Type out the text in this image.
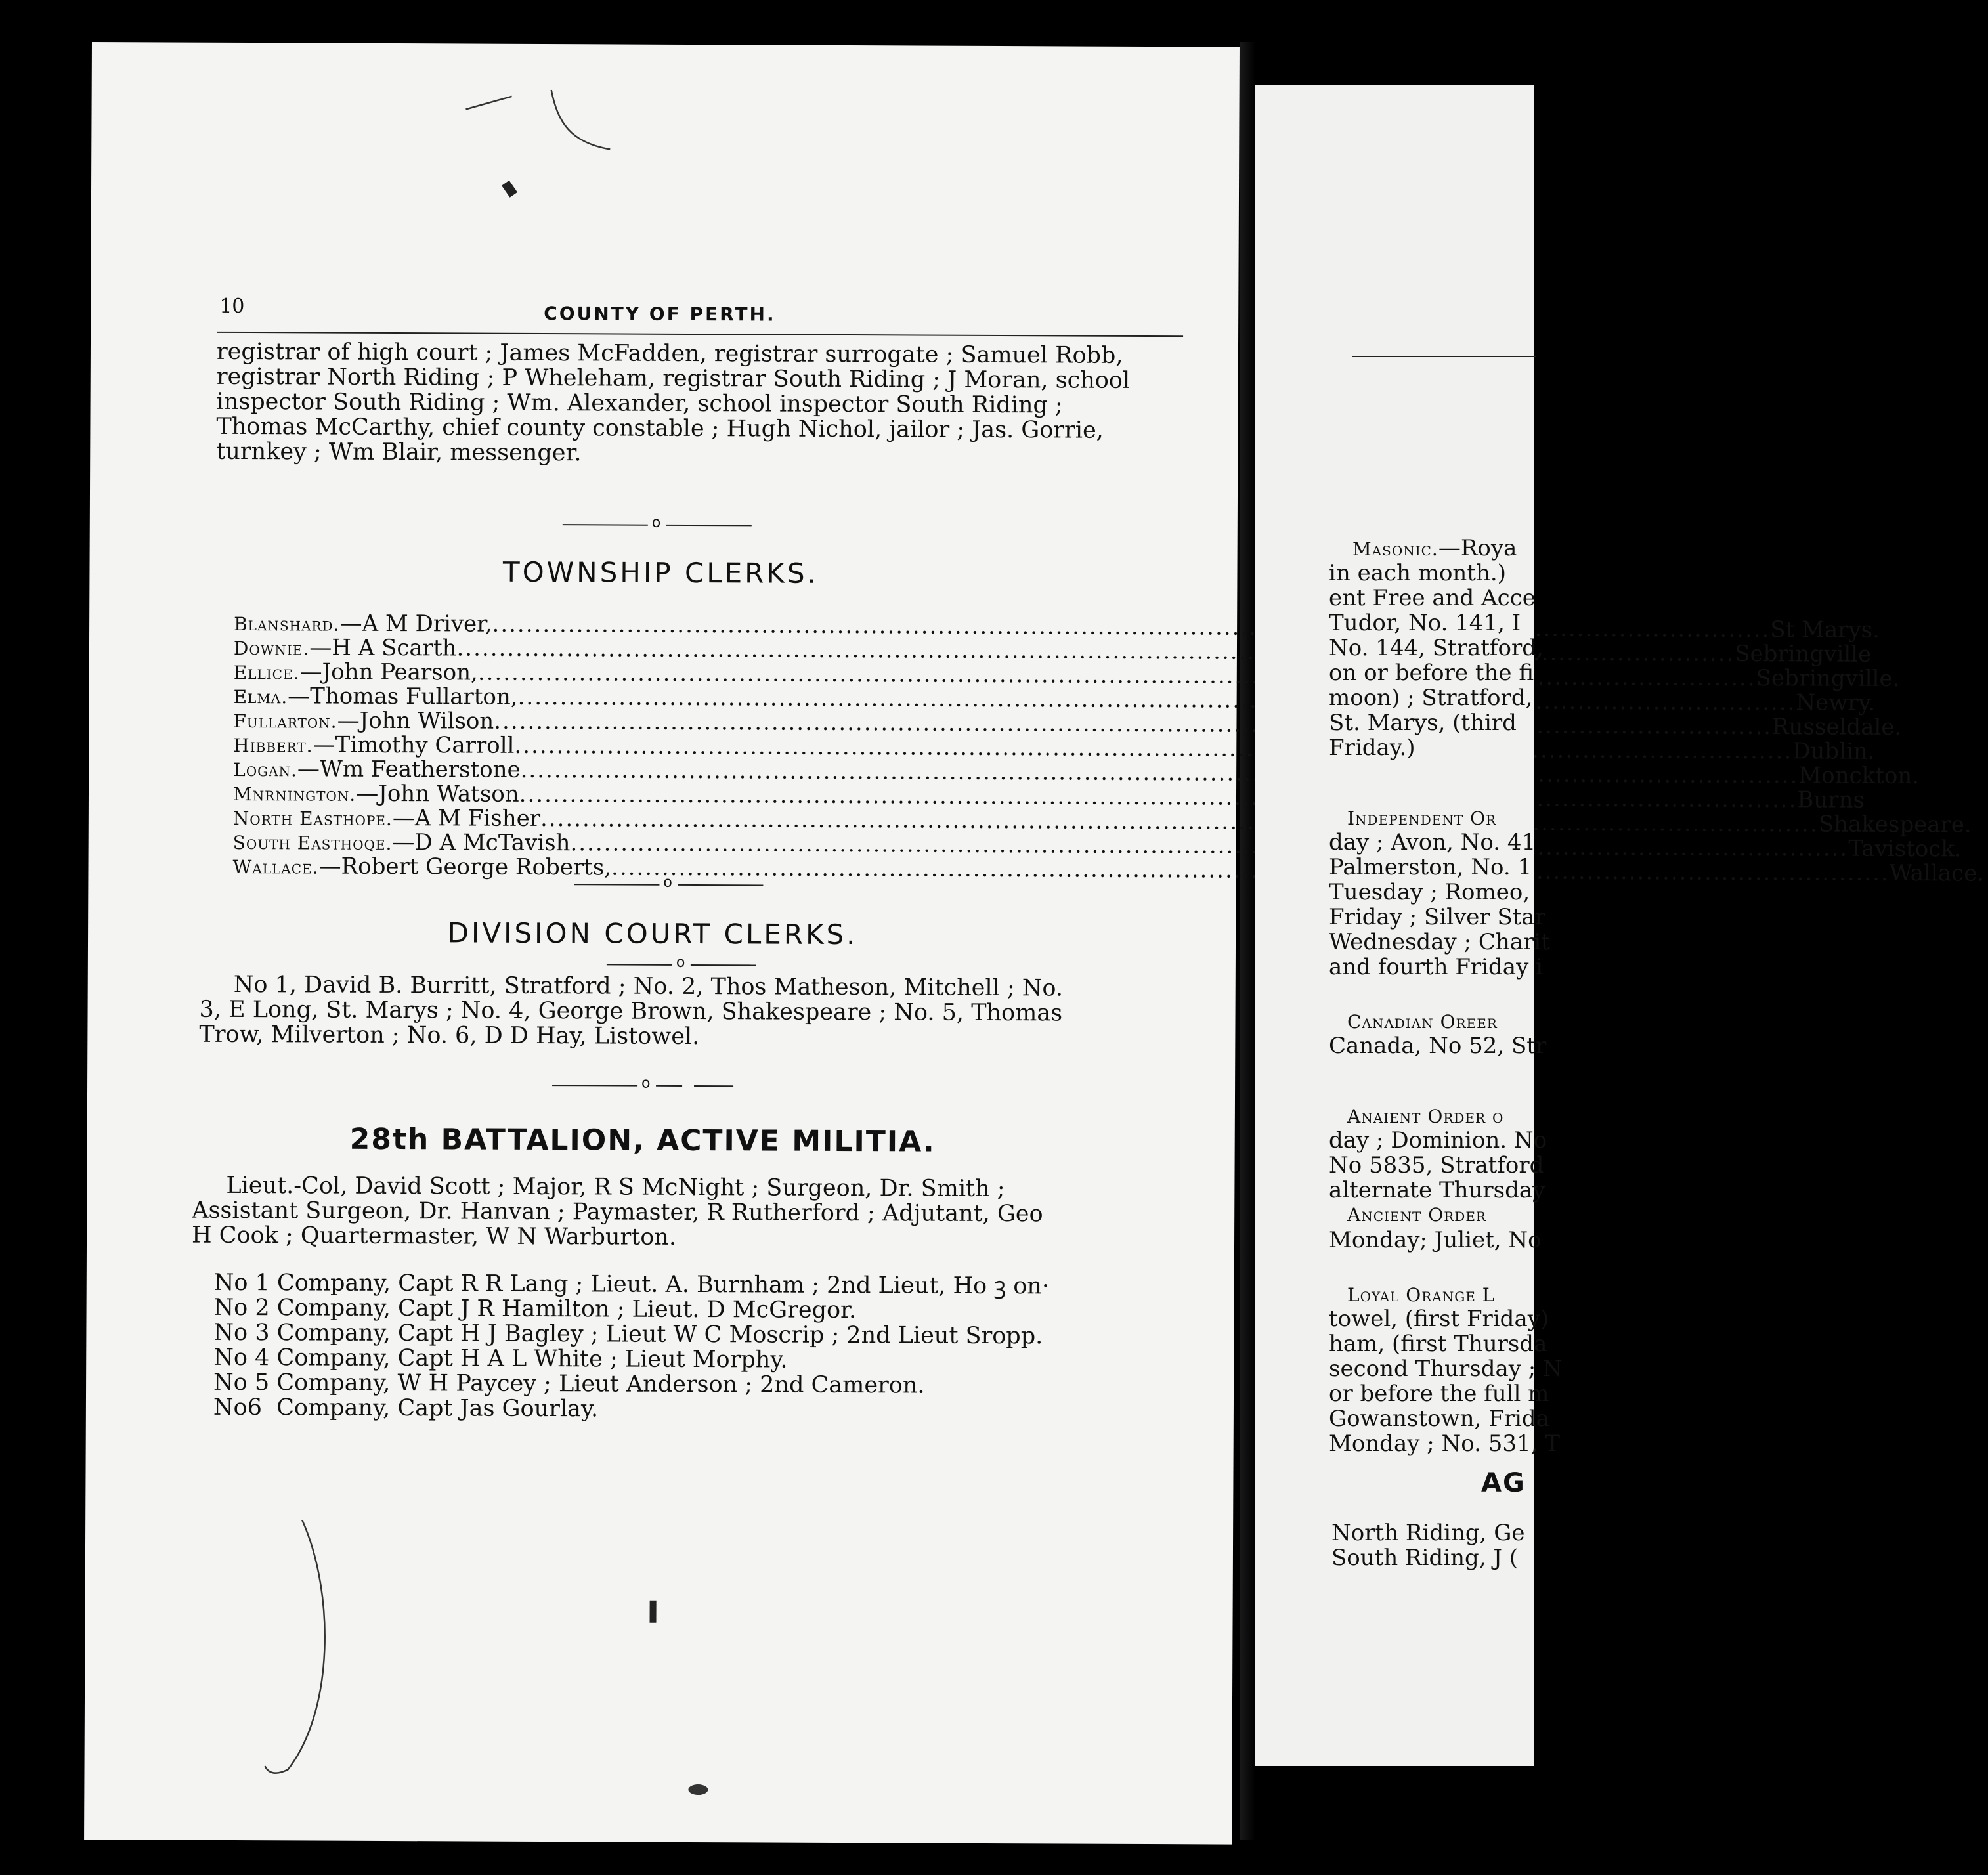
10	COUNTY OF PERTH.
registrar of high court ; James McFadden, registrar surrogate ; Samuel Robb,
registrar North Riding ; P Wheleham, registrar South Riding ; J Moran, school
inspector South Riding ; Wm. Alexander, school inspector South Riding ;
Thomas McCarthy, chief county constable ; Hugh Nichol, jailor ; Jas. Gorrie,
turnkey ; Wm Blair, messenger.
o
TOWNSHIP CLERKS.
Blanshard.—A M Driver, .....	St Marys.
Downie.—H A Scarth .....	Sebringville
Ellice.—John Pearson, .....	Sebringville.
Elma.—Thomas Fullarton, .....	Newry.
Fullarton.—John Wilson .....	Russeldale.
Hibbert.—Timothy Carroll .....	Dublin.
Logan.—Wm Featherstone .....	Monckton.
Mnrnington.—John Watson .....	Burns
North Easthope.—A M Fisher .....	Shakespeare.
South Easthoqe.—D A McTavish .....	Tavistock.
Wallace.—Robert George Roberts, .....	Wallace.
o
DIVISION COURT CLERKS.
o
No 1, David B. Burritt, Stratford ; No. 2, Thos Matheson, Mitchell ; No.
3, E Long, St. Marys ; No. 4, George Brown, Shakespeare ; No. 5, Thomas
Trow, Milverton ; No. 6, D D Hay, Listowel.
o
28th BATTALION, ACTIVE MILITIA.
Lieut.-Col, David Scott ; Major, R S McNight ; Surgeon, Dr. Smith ;
Assistant Surgeon, Dr. Hanvan ; Paymaster, R Rutherford ; Adjutant, Geo
H Cook ; Quartermaster, W N Warburton.
No 1 Company, Capt R R Lang ; Lieut. A. Burnham ; 2nd Lieut, Ho ꝫ on·
No 2 Company, Capt J R Hamilton ; Lieut. D McGregor.
No 3 Company, Capt H J Bagley ; Lieut W C Moscrip ; 2nd Lieut Sropp.
No 4 Company, Capt H A L White ; Lieut Morphy.
No 5 Company, W H Paycey ; Lieut Anderson ; 2nd Cameron.
No6  Company, Capt Jas Gourlay.
Masonic.—Roya
in each month.)
ent Free and Acce
Tudor, No. 141, I
No. 144, Stratford,
on or before the fi
moon) ; Stratford,
St. Marys, (third
Friday.)
Independent Or
day ; Avon, No. 41
Palmerston, No. 1
Tuesday ; Romeo,
Friday ; Silver Star
Wednesday ; Charit
and fourth Friday i
Canadian Oreer
Canada, No 52, Str
Anaient Order o
day ; Dominion. No
No 5835, Stratford
alternate Thursday
Ancient Order
Monday; Juliet, No
Loyal Orange L
towel, (first Friday)
ham, (first Thursda
second Thursday ; N
or before the full m
Gowanstown, Frida
Monday ; No. 531, T
AG
North Riding, Ge
South Riding, J (
